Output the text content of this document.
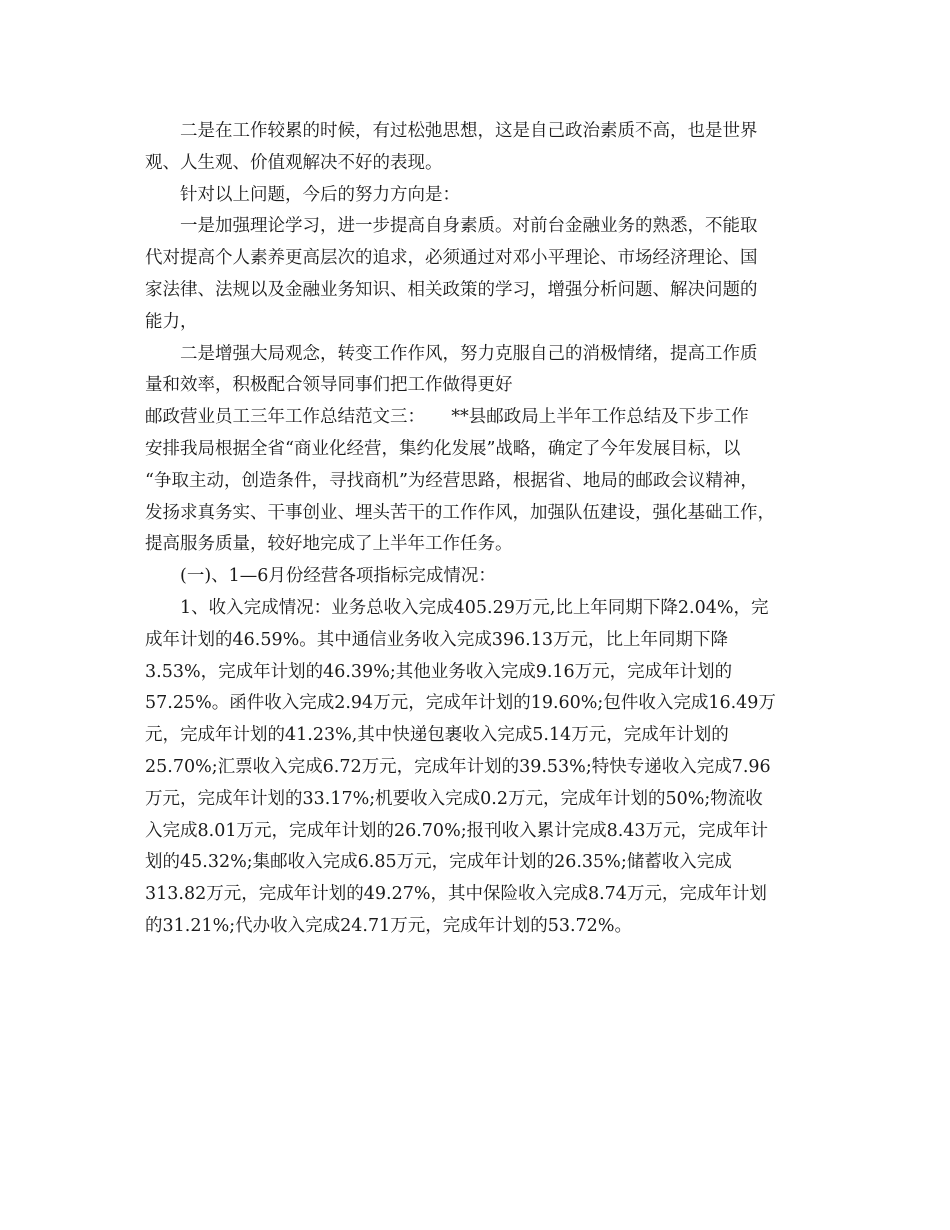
二是在工作较累的时候，有过松弛思想，这是自己政治素质不高，也是世界
观、人生观、价值观解决不好的表现。
针对以上问题，今后的努力方向是：
一是加强理论学习，进一步提高自身素质。对前台金融业务的熟悉，不能取
代对提高个人素养更高层次的追求，必须通过对邓小平理论、市场经济理论、国
家法律、法规以及金融业务知识、相关政策的学习，增强分析问题、解决问题的
能力，
二是增强大局观念，转变工作作风，努力克服自己的消极情绪，提高工作质
量和效率，积极配合领导同事们把工作做得更好
邮政营业员工三年工作总结范文三：　　**县邮政局上半年工作总结及下步工作
安排我局根据全省“商业化经营，集约化发展”战略，确定了今年发展目标，以
“争取主动，创造条件，寻找商机”为经营思路，根据省、地局的邮政会议精神，
发扬求真务实、干事创业、埋头苦干的工作作风，加强队伍建设，强化基础工作，
提高服务质量，较好地完成了上半年工作任务。
(一)、1—6月份经营各项指标完成情况：
1、收入完成情况：业务总收入完成405.29万元,比上年同期下降2.04%，完
成年计划的46.59%。其中通信业务收入完成396.13万元，比上年同期下降
3.53%，完成年计划的46.39%;其他业务收入完成9.16万元，完成年计划的
57.25%。函件收入完成2.94万元，完成年计划的19.60%;包件收入完成16.49万
元，完成年计划的41.23%,其中快递包裹收入完成5.14万元，完成年计划的
25.70%;汇票收入完成6.72万元，完成年计划的39.53%;特快专递收入完成7.96
万元，完成年计划的33.17%;机要收入完成0.2万元，完成年计划的50%;物流收
入完成8.01万元，完成年计划的26.70%;报刊收入累计完成8.43万元，完成年计
划的45.32%;集邮收入完成6.85万元，完成年计划的26.35%;储蓄收入完成
313.82万元，完成年计划的49.27%，其中保险收入完成8.74万元，完成年计划
的31.21%;代办收入完成24.71万元，完成年计划的53.72%。
